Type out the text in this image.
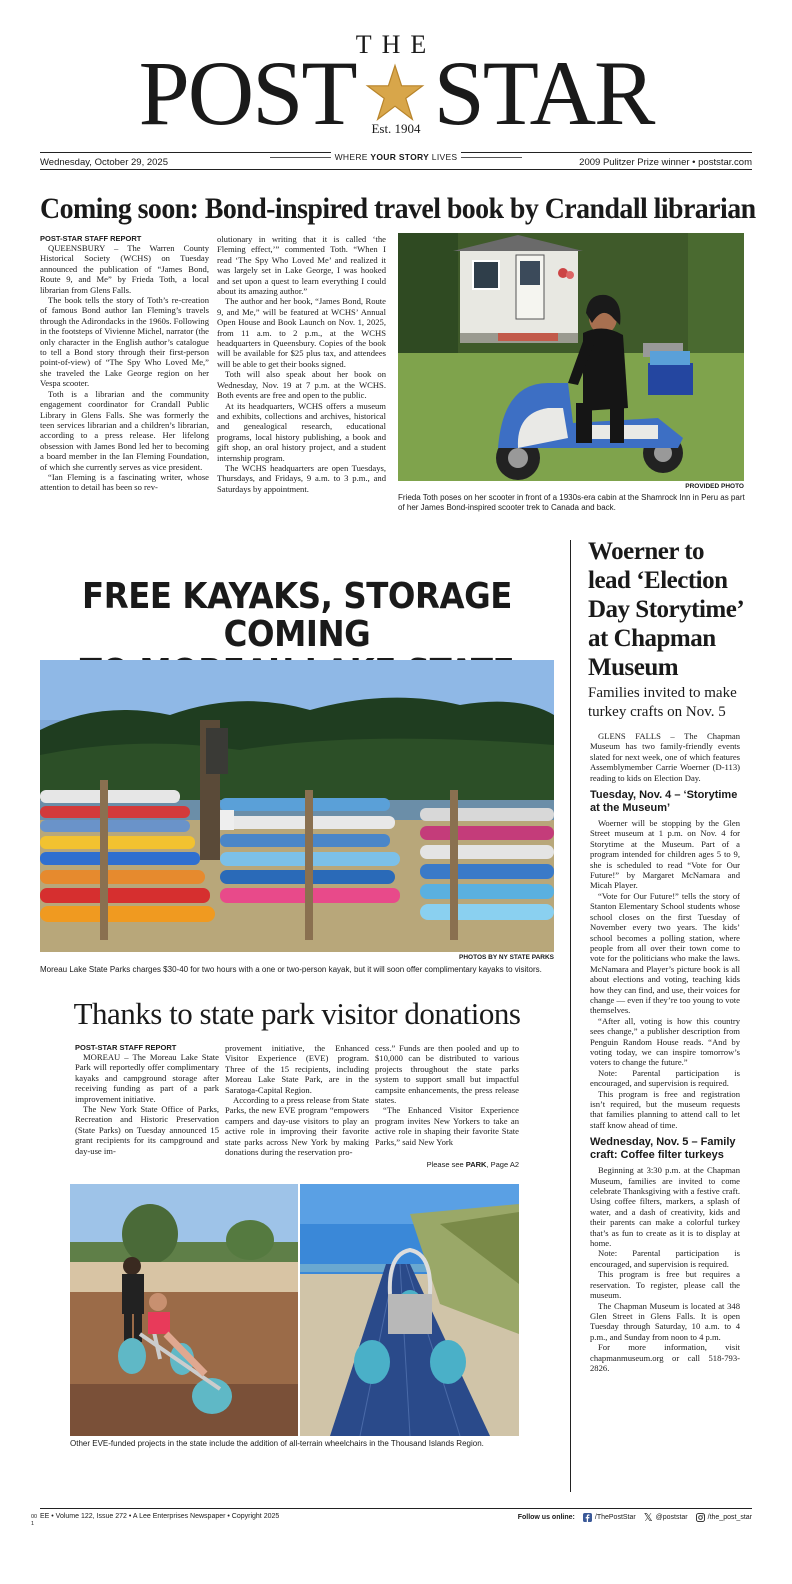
THE
POST STAR
Est. 1904
Wednesday, October 29, 2025	WHERE YOUR STORY LIVES	2009 Pulitzer Prize winner • poststar.com
Coming soon: Bond-inspired travel book by Crandall librarian
POST-STAR STAFF REPORT

QUEENSBURY – The Warren County Historical Society (WCHS) on Tuesday announced the publication of “James Bond, Route 9, and Me” by Frieda Toth, a local librarian from Glens Falls.

The book tells the story of Toth’s re-creation of famous Bond author Ian Fleming’s travels through the Adirondacks in the 1960s. Following in the footsteps of Vivienne Michel, narrator (the only character in the English author’s catalogue to tell a Bond story through their first-person point-of-view) of “The Spy Who Loved Me,” she traveled the Lake George region on her Vespa scooter.

Toth is a librarian and the community engagement coordinator for Crandall Public Library in Glens Falls. She was formerly the teen services librarian and a children’s librarian, according to a press release. Her lifelong obsession with James Bond led her to becoming a board member in the Ian Fleming Foundation, of which she currently serves as vice president.

“Ian Fleming is a fascinating writer, whose attention to detail has been so rev-

olutionary in writing that it is called ‘the Fleming effect,’” commented Toth. “When I read ‘The Spy Who Loved Me’ and realized it was largely set in Lake George, I was hooked and set upon a quest to learn everything I could about its amazing author.”

The author and her book, “James Bond, Route 9, and Me,” will be featured at WCHS’ Annual Open House and Book Launch on Nov. 1, 2025, from 11 a.m. to 2 p.m., at the WCHS headquarters in Queensbury. Copies of the book will be available for $25 plus tax, and attendees will be able to get their books signed.

Toth will also speak about her book on Wednesday, Nov. 19 at 7 p.m. at the WCHS. Both events are free and open to the public.

At its headquarters, WCHS offers a museum and exhibits, collections and archives, historical and genealogical research, educational programs, local history publishing, a book and gift shop, an oral history project, and a student internship program.

The WCHS headquarters are open Tuesdays, Thursdays, and Fridays, 9 a.m. to 3 p.m., and Saturdays by appointment.	PROVIDED PHOTO
Frieda Toth poses on her scooter in front of a 1930s-era cabin at the Shamrock Inn in Peru as part of her James Bond-inspired scooter trek to Canada and back.
FREE KAYAKS, STORAGE COMING
PHOTOS BY NY STATE PARKS
Moreau Lake State Parks charges $30-40 for two hours with a one or two-person kayak, but it will soon offer complimentary kayaks to visitors.
Thanks to state park visitor donations
POST-STAR STAFF REPORT

MOREAU – The Moreau Lake State Park will reportedly offer complimentary kayaks and campground storage after receiving funding as part of a park improvement initiative.

The New York State Office of Parks, Recreation and Historic Preservation (State Parks) on Tuesday announced 15 grant recipients for its campground and day-use im-

provement initiative, the Enhanced Visitor Experience (EVE) program. Three of the 15 recipients, including Moreau Lake State Park, are in the Saratoga-Capital Region.

According to a press release from State Parks, the new EVE program “empowers campers and day-use visitors to play an active role in improving their favorite state parks across New York by making donations during the reservation pro-

cess.” Funds are then pooled and up to $10,000 can be distributed to various projects throughout the state parks system to support small but impactful campsite enhancements, the press release states.

“The Enhanced Visitor Experience program invites New Yorkers to take an active role in shaping their favorite State Parks,” said New York

Please see PARK, Page A2
Other EVE-funded projects in the state include the addition of all-terrain wheelchairs in the Thousand Islands Region.
Woerner to lead ‘Election Day Storytime’ at Chapman Museum
Families invited to make turkey crafts on Nov. 5

GLENS FALLS – The Chapman Museum has two family-friendly events slated for next week, one of which features Assemblymember Carrie Woerner (D-113) reading to kids on Election Day.

Tuesday, Nov. 4 – ‘Storytime at the Museum’

Woerner will be stopping by the Glen Street museum at 1 p.m. on Nov. 4 for Storytime at the Museum. Part of a program intended for children ages 5 to 9, she is scheduled to read “Vote for Our Future!” by Margaret McNamara and Micah Player.

“Vote for Our Future!” tells the story of Stanton Elementary School students whose school closes on the first Tuesday of November every two years. The kids’ school becomes a polling station, where people from all over their town come to vote for the politicians who make the laws. McNamara and Player’s picture book is all about elections and voting, teaching kids how they can find, and use, their voices for change — even if they’re too young to vote themselves.

“After all, voting is how this country sees change,” a publisher description from Penguin Random House reads. “And by voting today, we can inspire tomorrow’s voters to change the future.”

Note: Parental participation is encouraged, and supervision is required.

This program is free and registration isn’t required, but the museum requests that families planning to attend call to let staff know ahead of time.

Wednesday, Nov. 5 – Family craft: Coffee filter turkeys

Beginning at 3:30 p.m. at the Chapman Museum, families are invited to come celebrate Thanksgiving with a festive craft. Using coffee filters, markers, a splash of water, and a dash of creativity, kids and their parents can make a colorful turkey that’s as fun to create as it is to display at home.

Note: Parental participation is encouraged, and supervision is required.

This program is free but requires a reservation. To register, please call the museum.

The Chapman Museum is located at 348 Glen Street in Glens Falls. It is open Tuesday through Saturday, 10 a.m. to 4 p.m., and Sunday from noon to 4 p.m.

For more information, visit chapmanmuseum.org or call 518-793-2826.

00
1
EE • Volume 122, Issue 272 • A Lee Enterprises Newspaper • Copyright 2025	Follow us online:	/ThePostStar 𝕏 @poststar	/the_post_star
